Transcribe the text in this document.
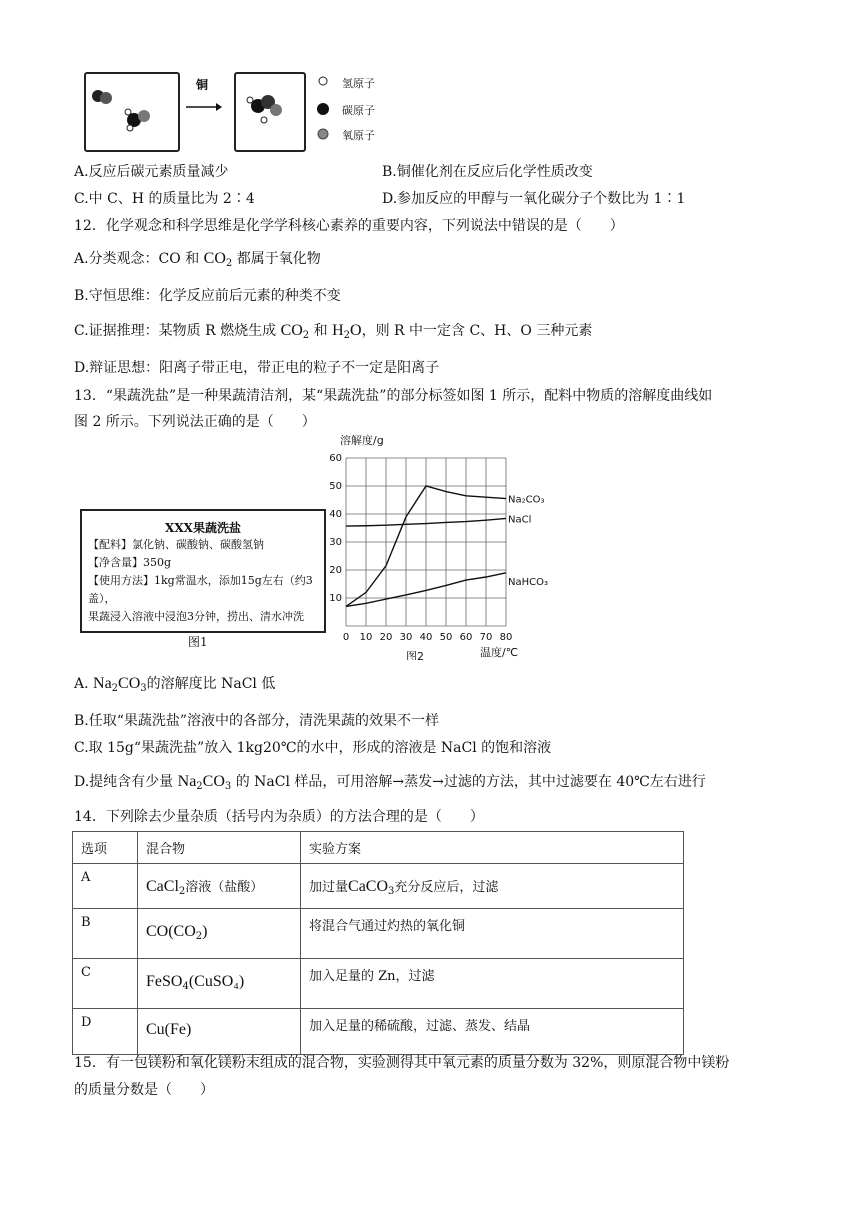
铜	氢原子
碳原子
氧原子
A.反应后碳元素质量减少	B.铜催化剂在反应后化学性质改变
C.中 C、H 的质量比为 2∶4	D.参加反应的甲醇与一氧化碳分子个数比为 1∶1
12．化学观念和科学思维是化学学科核心素养的重要内容，下列说法中错误的是（　　）
A.分类观念：CO 和 $CO_2$ 都属于氧化物
B.守恒思维：化学反应前后元素的种类不变
C.证据推理：某物质 R 燃烧生成 $CO_2$ 和 $H_2O$，则 R 中一定含 C、H、O 三种元素
D.辩证思想：阳离子带正电，带正电的粒子不一定是阳离子
13．“果蔬洗盐”是一种果蔬清洁剂，某“果蔬洗盐”的部分标签如图 1 所示，配料中物质的溶解度曲线如
图 2 所示。下列说法正确的是（　　）
XXX果蔬洗盐
【配料】氯化钠、碳酸钠、碳酸氢钠
【净含量】350g
【使用方法】1kg常温水，添加15g左右（约3盖），
果蔬浸入溶液中浸泡3分钟，捞出、清水冲洗
图1	0 10 20 30 40 50 60 70 80
10
20
30
40
50
60
溶解度/g
温度/℃
图2
Na₂CO₃
NaCl
NaHCO₃
A. $Na_2CO_3$的溶解度比 NaCl 低
B.任取“果蔬洗盐”溶液中的各部分，清洗果蔬的效果不一样
C.取 15g“果蔬洗盐”放入 1kg20℃的水中，形成的溶液是 NaCl 的饱和溶液
D.提纯含有少量 $Na_2CO_3$ 的 NaCl 样品，可用溶解→蒸发→过滤的方法，其中过滤要在 40℃左右进行
14．下列除去少量杂质（括号内为杂质）的方法合理的是（　　）
选项	混合物	实验方案
A	CaCl$_2$溶液（盐酸）	加过量CaCO$_3$充分反应后，过滤
B	$CO(CO_2)$	将混合气通过灼热的氧化铜
C	FeSO$_4$(CuSO₄)	加入足量的 Zn，过滤
D	Cu(Fe)	加入足量的稀硫酸，过滤、蒸发、结晶
15．有一包镁粉和氧化镁粉末组成的混合物，实验测得其中氧元素的质量分数为 32%，则原混合物中镁粉
的质量分数是（　　）
